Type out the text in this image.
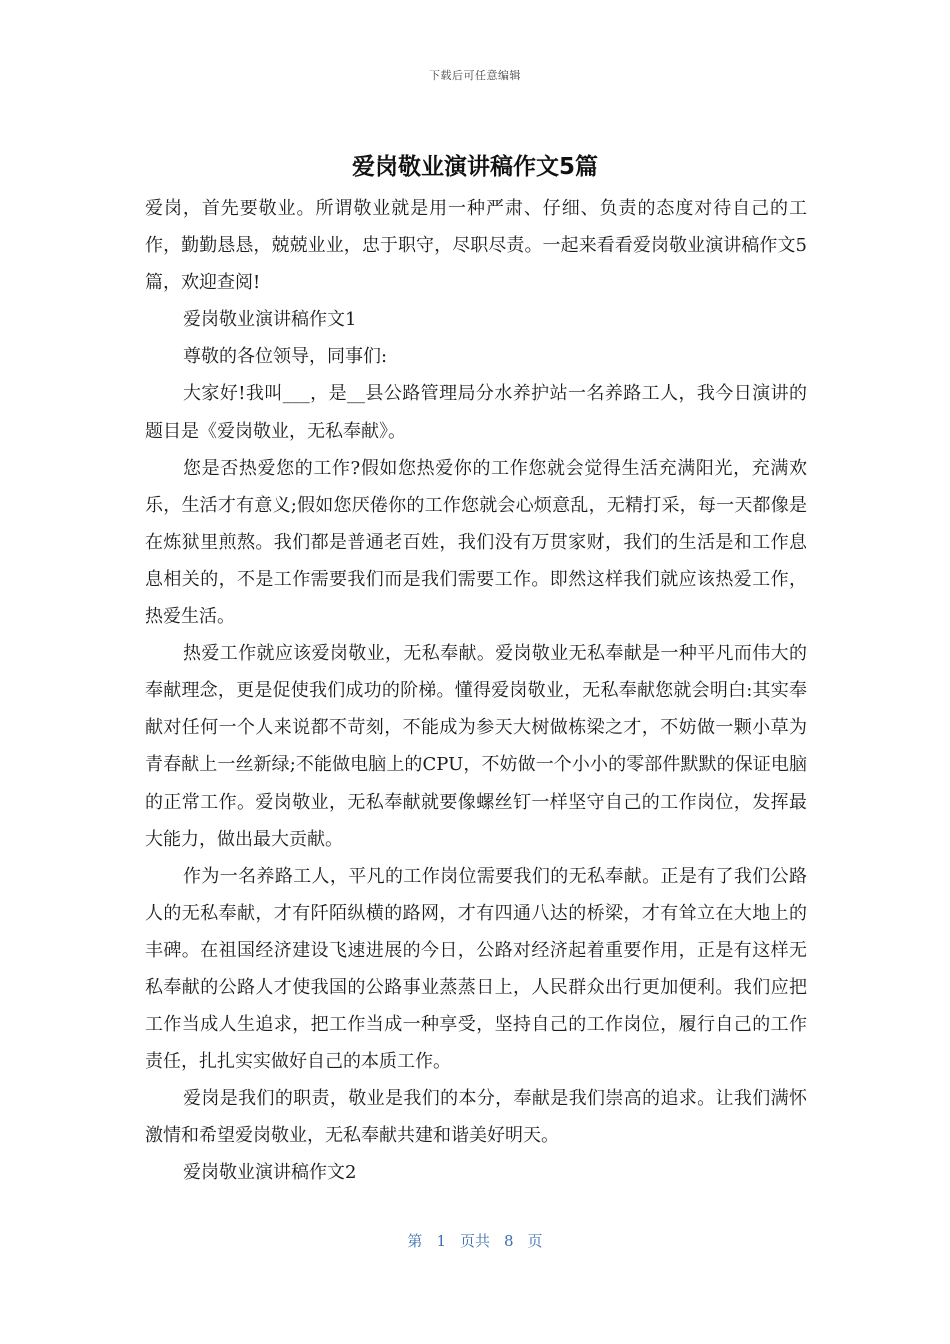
下载后可任意编辑
爱岗敬业演讲稿作文5篇

爱岗，首先要敬业。所谓敬业就是用一种严肃、仔细、负责的态度对待自己的工作，勤勤恳恳，兢兢业业，忠于职守，尽职尽责。一起来看看爱岗敬业演讲稿作文5篇，欢迎查阅!

爱岗敬业演讲稿作文1

尊敬的各位领导，同事们:

大家好!我叫___，是__县公路管理局分水养护站一名养路工人，我今日演讲的题目是《爱岗敬业，无私奉献》。

您是否热爱您的工作?假如您热爱你的工作您就会觉得生活充满阳光，充满欢乐，生活才有意义;假如您厌倦你的工作您就会心烦意乱，无精打采，每一天都像是在炼狱里煎熬。我们都是普通老百姓，我们没有万贯家财，我们的生活是和工作息息相关的，不是工作需要我们而是我们需要工作。即然这样我们就应该热爱工作，热爱生活。

热爱工作就应该爱岗敬业，无私奉献。爱岗敬业无私奉献是一种平凡而伟大的奉献理念，更是促使我们成功的阶梯。懂得爱岗敬业，无私奉献您就会明白:其实奉献对任何一个人来说都不苛刻，不能成为参天大树做栋梁之才，不妨做一颗小草为青春献上一丝新绿;不能做电脑上的CPU，不妨做一个小小的零部件默默的保证电脑的正常工作。爱岗敬业，无私奉献就要像螺丝钉一样坚守自己的工作岗位，发挥最大能力，做出最大贡献。

作为一名养路工人，平凡的工作岗位需要我们的无私奉献。正是有了我们公路人的无私奉献，才有阡陌纵横的路网，才有四通八达的桥梁，才有耸立在大地上的丰碑。在祖国经济建设飞速进展的今日，公路对经济起着重要作用，正是有这样无私奉献的公路人才使我国的公路事业蒸蒸日上，人民群众出行更加便利。我们应把工作当成人生追求，把工作当成一种享受，坚持自己的工作岗位，履行自己的工作责任，扎扎实实做好自己的本质工作。

爱岗是我们的职责，敬业是我们的本分，奉献是我们崇高的追求。让我们满怀激情和希望爱岗敬业，无私奉献共建和谐美好明天。

爱岗敬业演讲稿作文2

第 1 页共 8 页
